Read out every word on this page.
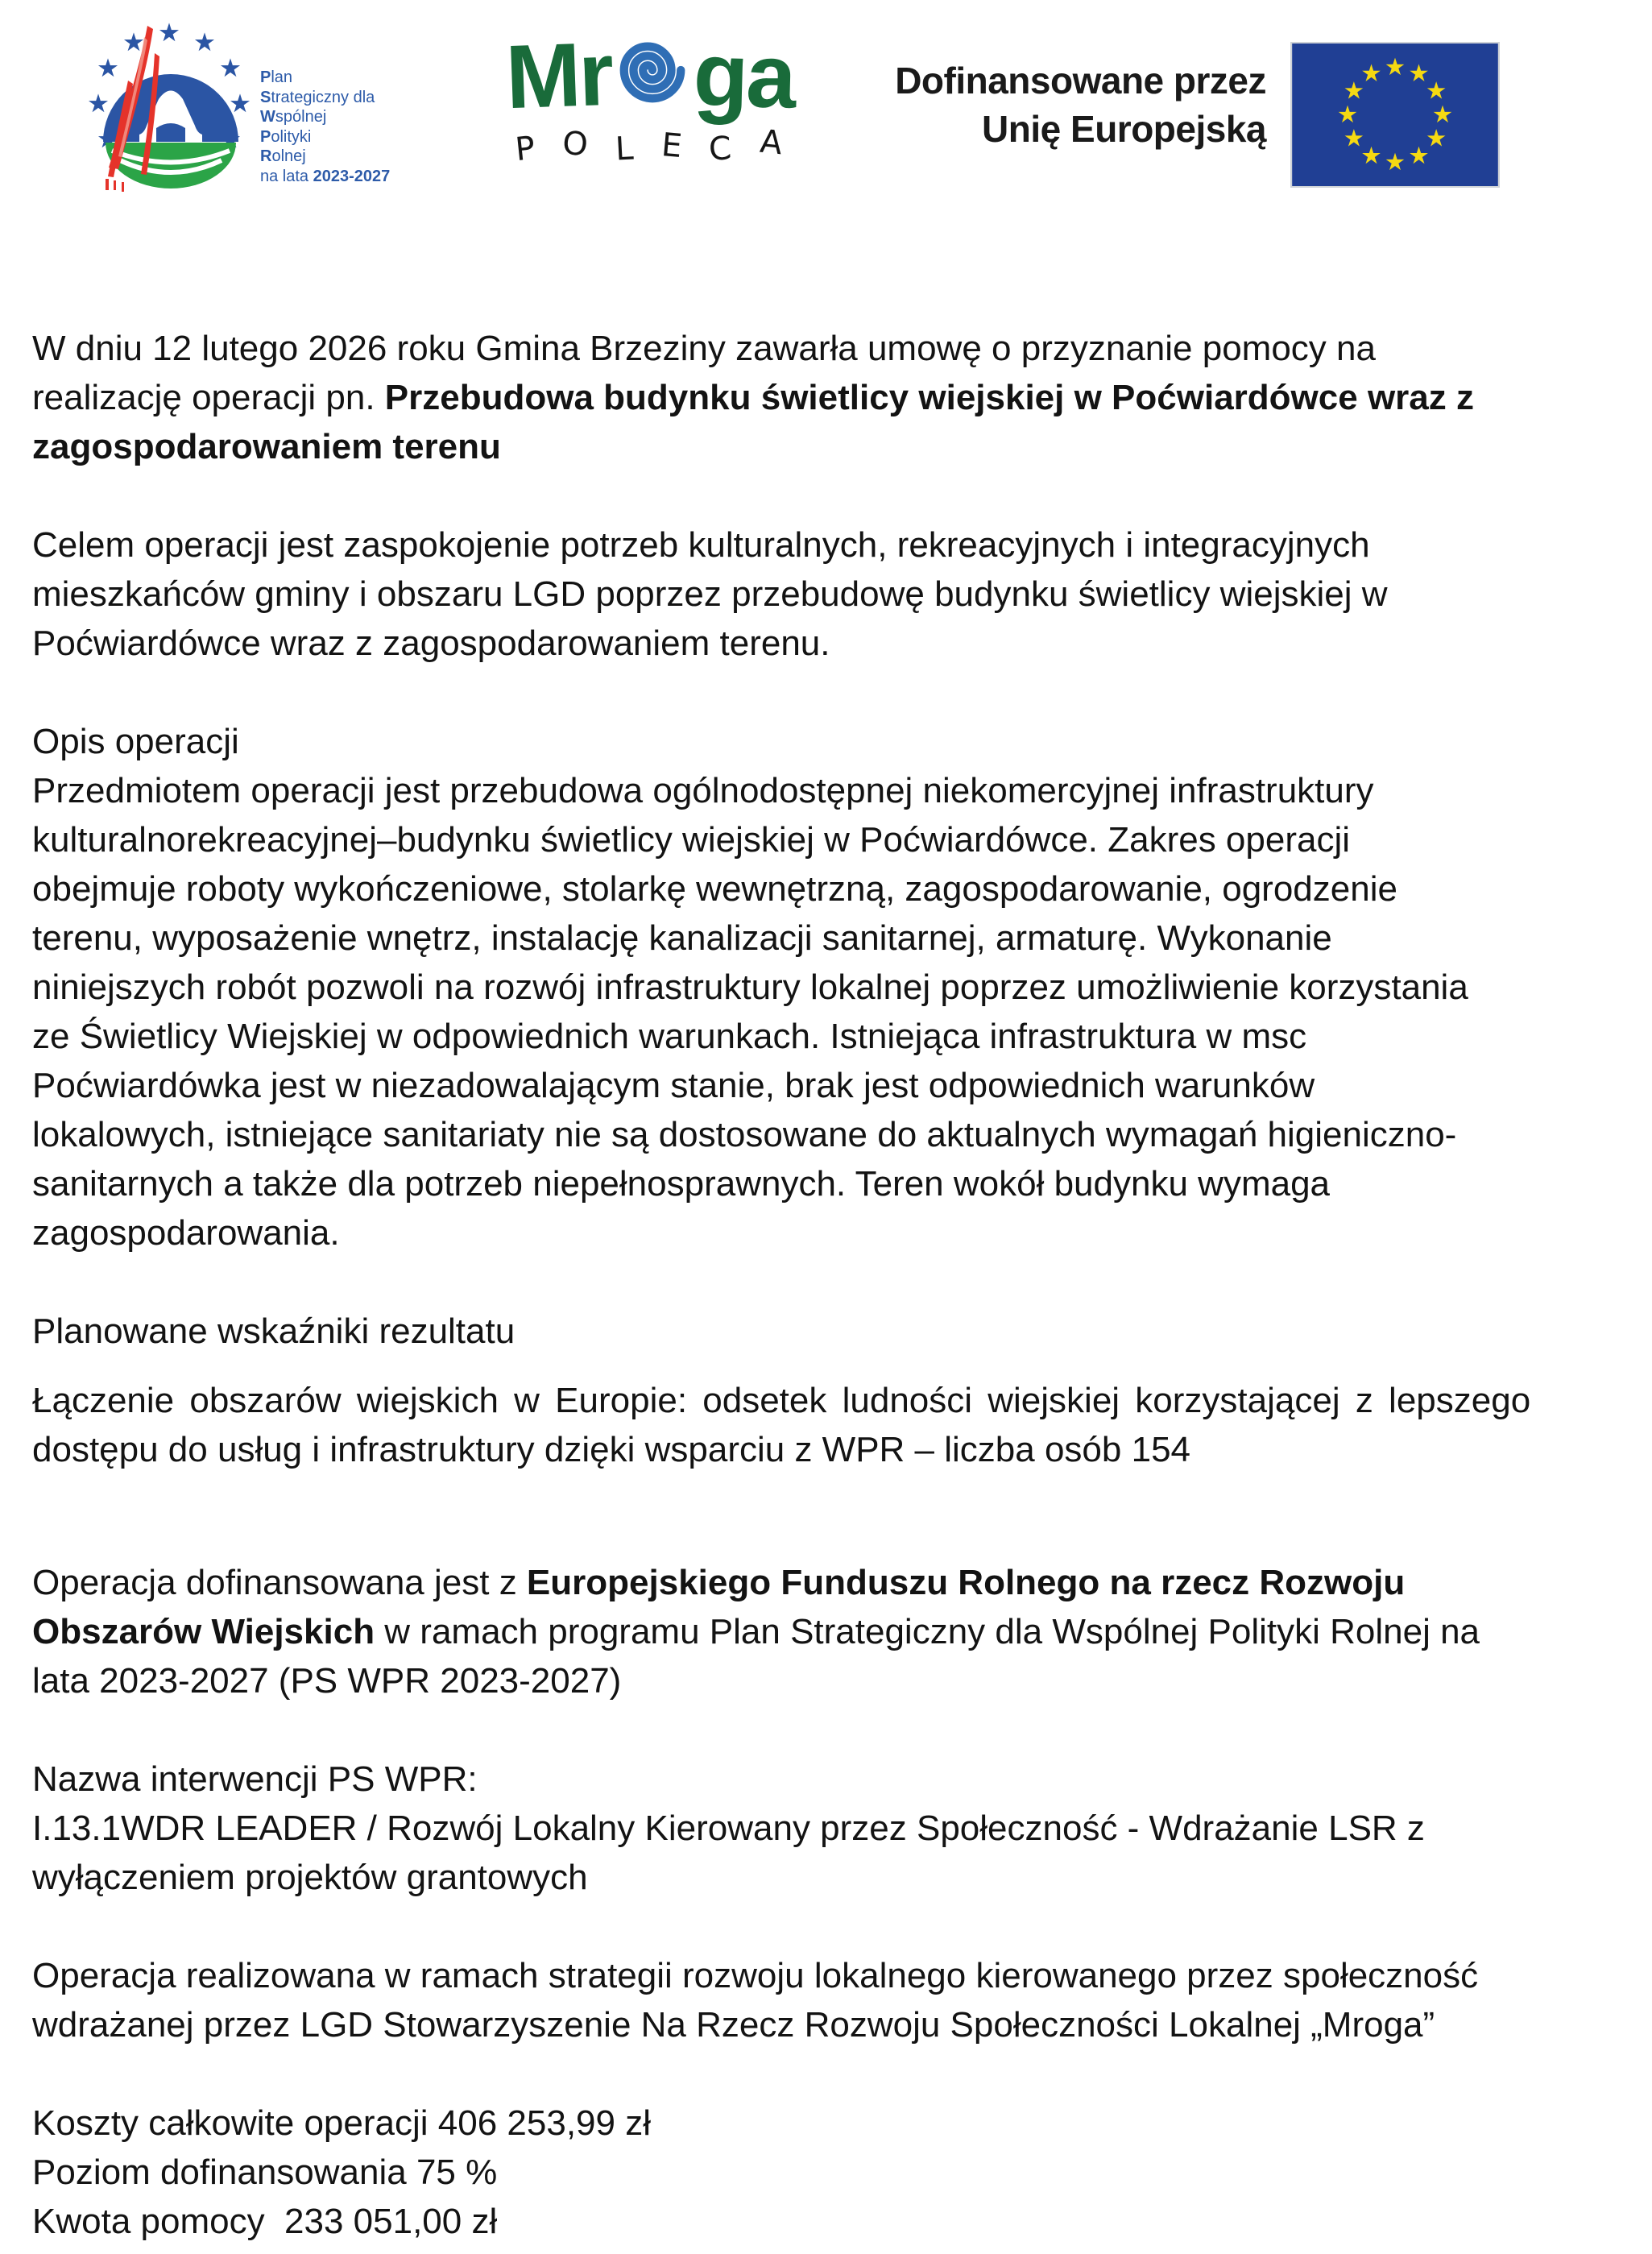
Plan
Strategiczny dla
Wspólnej
Polityki
Rolnej
na lata 2023-2027
Mr ga
P O L E C A
Dofinansowane przez
Unię Europejską
W dniu 12 lutego 2026 roku Gmina Brzeziny zawarła umowę o przyznanie pomocy na
realizację operacji pn. Przebudowa budynku świetlicy wiejskiej w Poćwiardówce wraz z
zagospodarowaniem terenu
Celem operacji jest zaspokojenie potrzeb kulturalnych, rekreacyjnych i integracyjnych
mieszkańców gminy i obszaru LGD poprzez przebudowę budynku świetlicy wiejskiej w
Poćwiardówce wraz z zagospodarowaniem terenu.
Opis operacji
Przedmiotem operacji jest przebudowa ogólnodostępnej niekomercyjnej infrastruktury
kulturalnorekreacyjnej–budynku świetlicy wiejskiej w Poćwiardówce. Zakres operacji
obejmuje roboty wykończeniowe, stolarkę wewnętrzną, zagospodarowanie, ogrodzenie
terenu, wyposażenie wnętrz, instalację kanalizacji sanitarnej, armaturę. Wykonanie
niniejszych robót pozwoli na rozwój infrastruktury lokalnej poprzez umożliwienie korzystania
ze Świetlicy Wiejskiej w odpowiednich warunkach. Istniejąca infrastruktura w msc
Poćwiardówka jest w niezadowalającym stanie, brak jest odpowiednich warunków
lokalowych, istniejące sanitariaty nie są dostosowane do aktualnych wymagań higieniczno-
sanitarnych a także dla potrzeb niepełnosprawnych. Teren wokół budynku wymaga
zagospodarowania.
Planowane wskaźniki rezultatu
Łączenie obszarów wiejskich w Europie: odsetek ludności wiejskiej korzystającej z lepszego
dostępu do usług i infrastruktury dzięki wsparciu z WPR – liczba osób 154
Operacja dofinansowana jest z Europejskiego Funduszu Rolnego na rzecz Rozwoju
Obszarów Wiejskich w ramach programu Plan Strategiczny dla Wspólnej Polityki Rolnej na
lata 2023-2027 (PS WPR 2023-2027)
Nazwa interwencji PS WPR:
I.13.1WDR LEADER / Rozwój Lokalny Kierowany przez Społeczność - Wdrażanie LSR z
wyłączeniem projektów grantowych
Operacja realizowana w ramach strategii rozwoju lokalnego kierowanego przez społeczność
wdrażanej przez LGD Stowarzyszenie Na Rzecz Rozwoju Społeczności Lokalnej „Mroga”
Koszty całkowite operacji 406 253,99 zł
Poziom dofinansowania 75 %
Kwota pomocy  233 051,00 zł
